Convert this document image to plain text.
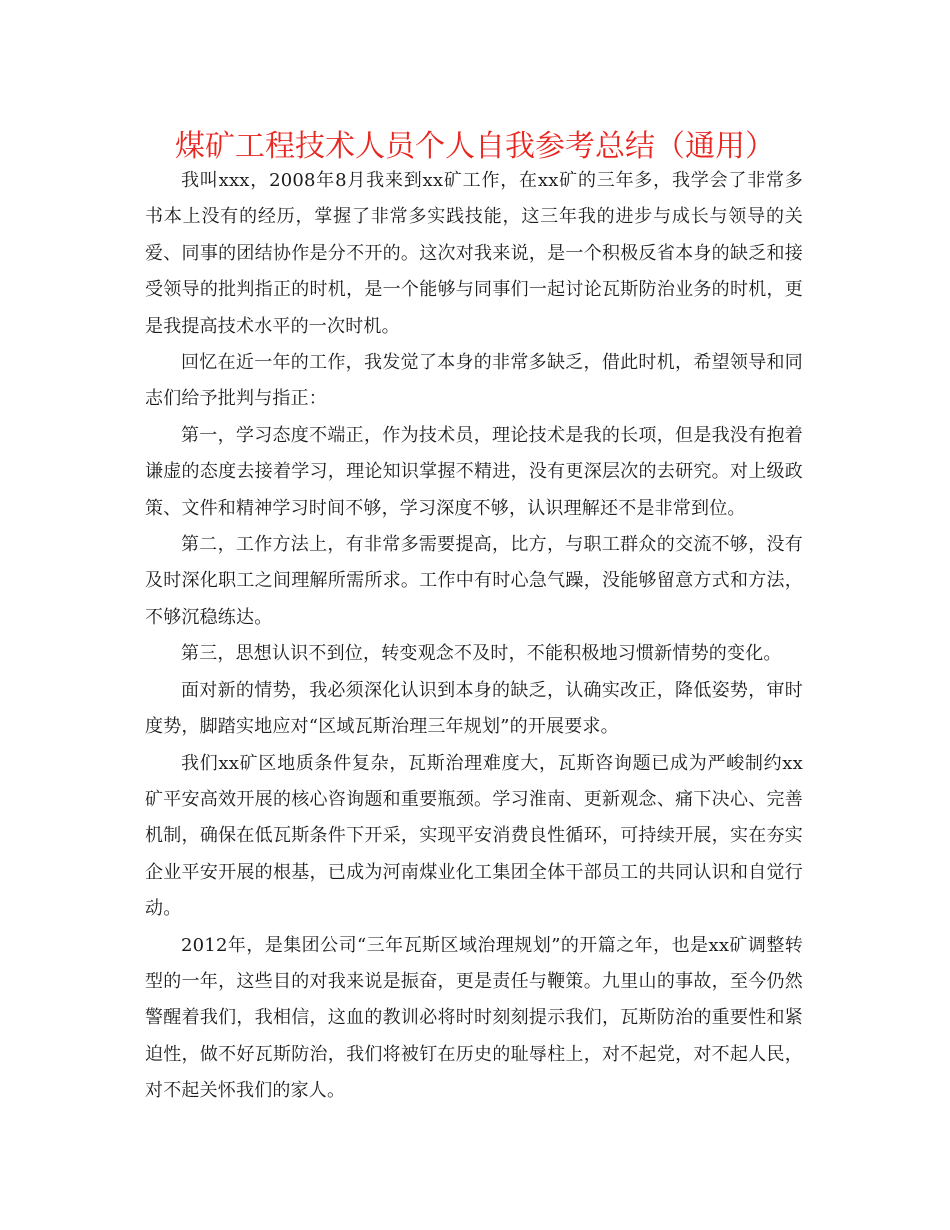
煤矿工程技术人员个人自我参考总结（通用）

我叫xxx，2008年8月我来到xx矿工作，在xx矿的三年多，我学会了非常多书本上没有的经历，掌握了非常多实践技能，这三年我的进步与成长与领导的关爱、同事的团结协作是分不开的。这次对我来说，是一个积极反省本身的缺乏和接受领导的批判指正的时机，是一个能够与同事们一起讨论瓦斯防治业务的时机，更是我提高技术水平的一次时机。

回忆在近一年的工作，我发觉了本身的非常多缺乏，借此时机，希望领导和同志们给予批判与指正：

第一，学习态度不端正，作为技术员，理论技术是我的长项，但是我没有抱着谦虚的态度去接着学习，理论知识掌握不精进，没有更深层次的去研究。对上级政策、文件和精神学习时间不够，学习深度不够，认识理解还不是非常到位。

第二，工作方法上，有非常多需要提高，比方，与职工群众的交流不够，没有及时深化职工之间理解所需所求。工作中有时心急气躁，没能够留意方式和方法，不够沉稳练达。

第三，思想认识不到位，转变观念不及时，不能积极地习惯新情势的变化。

面对新的情势，我必须深化认识到本身的缺乏，认确实改正，降低姿势，审时度势，脚踏实地应对“区域瓦斯治理三年规划”的开展要求。

我们xx矿区地质条件复杂，瓦斯治理难度大，瓦斯咨询题已成为严峻制约xx矿平安高效开展的核心咨询题和重要瓶颈。学习淮南、更新观念、痛下决心、完善机制，确保在低瓦斯条件下开采，实现平安消费良性循环，可持续开展，实在夯实企业平安开展的根基，已成为河南煤业化工集团全体干部员工的共同认识和自觉行动。

2012年，是集团公司“三年瓦斯区域治理规划”的开篇之年，也是xx矿调整转型的一年，这些目的对我来说是振奋，更是责任与鞭策。九里山的事故，至今仍然警醒着我们，我相信，这血的教训必将时时刻刻提示我们，瓦斯防治的重要性和紧迫性，做不好瓦斯防治，我们将被钉在历史的耻辱柱上，对不起党，对不起人民，对不起关怀我们的家人。
